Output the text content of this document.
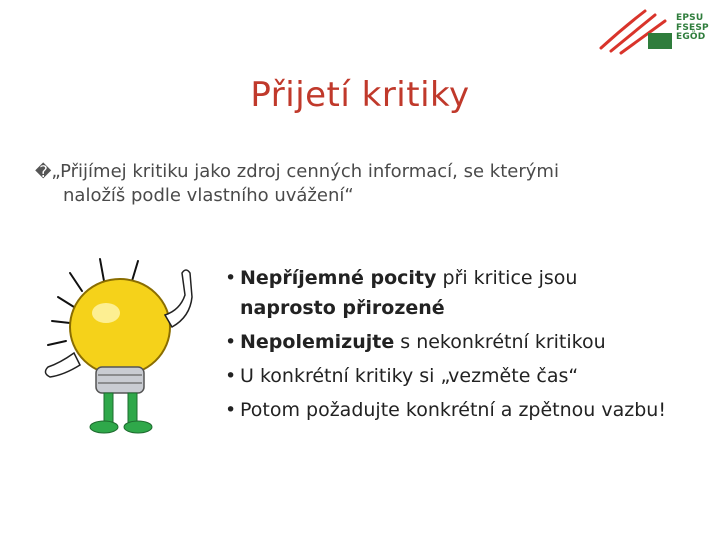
EPSU
FSESP
EGÖD
Přijetí kritiky

�„Přijímej kritiku jako zdroj cenných informací, se kterými
naložíš podle vlastního uvážení“

• Nepříjemné pocity při kritice jsou
naprosto přirozené
• Nepolemizujte s nekonkrétní kritikou
• U konkrétní kritiky si „vezměte čas“
• Potom požadujte konkrétní a zpětnou vazbu!
